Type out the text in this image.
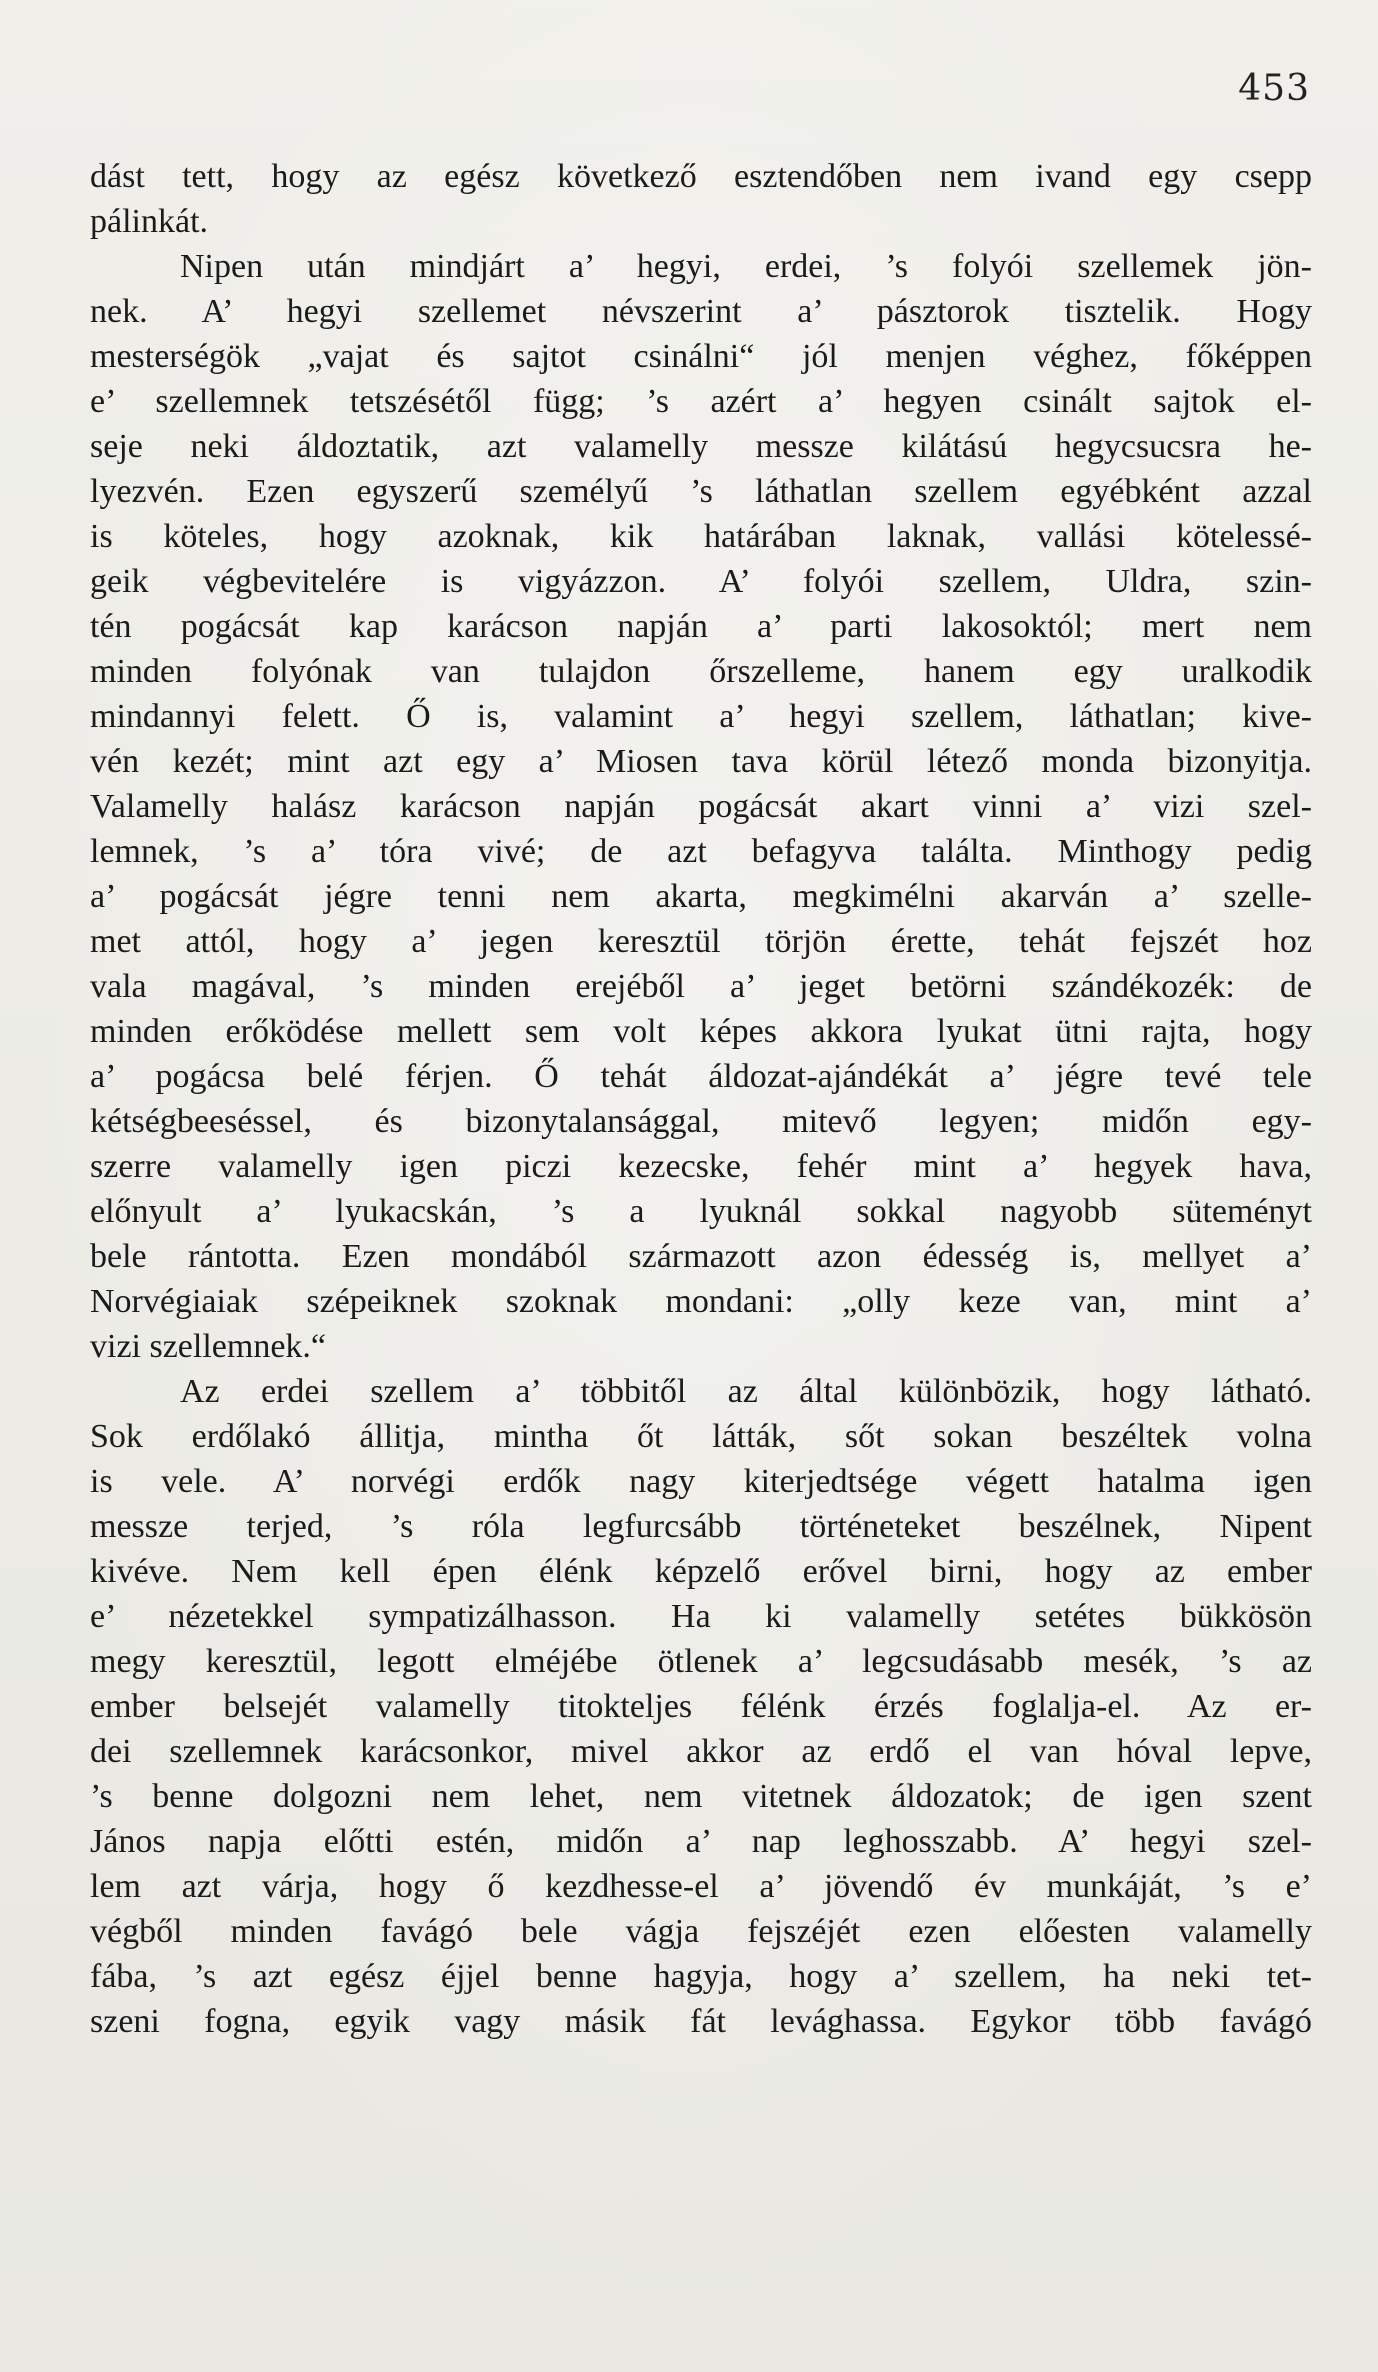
453
dást tett, hogy az egész következő esztendőben nem ivand egy csepp
pálinkát.
Nipen után mindjárt a’ hegyi, erdei, ’s folyói szellemek jön-
nek. A’ hegyi szellemet névszerint a’ pásztorok tisztelik. Hogy
mesterségök „vajat és sajtot csinálni“ jól menjen véghez, főképpen
e’ szellemnek tetszésétől függ; ’s azért a’ hegyen csinált sajtok el-
seje neki áldoztatik, azt valamelly messze kilátású hegycsucsra he-
lyezvén. Ezen egyszerű személyű ’s láthatlan szellem egyébként azzal
is köteles, hogy azoknak, kik határában laknak, vallási kötelessé-
geik végbevitelére is vigyázzon. A’ folyói szellem, Uldra, szin-
tén pogácsát kap karácson napján a’ parti lakosoktól; mert nem
minden folyónak van tulajdon őrszelleme, hanem egy uralkodik
mindannyi felett. Ő is, valamint a’ hegyi szellem, láthatlan; kive-
vén kezét; mint azt egy a’ Miosen tava körül létező monda bizonyitja.
Valamelly halász karácson napján pogácsát akart vinni a’ vizi szel-
lemnek, ’s a’ tóra vivé; de azt befagyva találta. Minthogy pedig
a’ pogácsát jégre tenni nem akarta, megkimélni akarván a’ szelle-
met attól, hogy a’ jegen keresztül törjön érette, tehát fejszét hoz
vala magával, ’s minden erejéből a’ jeget betörni szándékozék: de
minden erőködése mellett sem volt képes akkora lyukat ütni rajta, hogy
a’ pogácsa belé férjen. Ő tehát áldozat-ajándékát a’ jégre tevé tele
kétségbeeséssel, és bizonytalansággal, mitevő legyen; midőn egy-
szerre valamelly igen piczi kezecske, fehér mint a’ hegyek hava,
előnyult a’ lyukacskán, ’s a lyuknál sokkal nagyobb süteményt
bele rántotta. Ezen mondából származott azon édesség is, mellyet a’
Norvégiaiak szépeiknek szoknak mondani: „olly keze van, mint a’
vizi szellemnek.“
Az erdei szellem a’ többitől az által különbözik, hogy látható.
Sok erdőlakó állitja, mintha őt látták, sőt sokan beszéltek volna
is vele. A’ norvégi erdők nagy kiterjedtsége végett hatalma igen
messze terjed, ’s róla legfurcsább történeteket beszélnek, Nipent
kivéve. Nem kell épen élénk képzelő erővel birni, hogy az ember
e’ nézetekkel sympatizálhasson. Ha ki valamelly setétes bükkösön
megy keresztül, legott elméjébe ötlenek a’ legcsudásabb mesék, ’s az
ember belsejét valamelly titokteljes félénk érzés foglalja-el. Az er-
dei szellemnek karácsonkor, mivel akkor az erdő el van hóval lepve,
’s benne dolgozni nem lehet, nem vitetnek áldozatok; de igen szent
János napja előtti estén, midőn a’ nap leghosszabb. A’ hegyi szel-
lem azt várja, hogy ő kezdhesse-el a’ jövendő év munkáját, ’s e’
végből minden favágó bele vágja fejszéjét ezen előesten valamelly
fába, ’s azt egész éjjel benne hagyja, hogy a’ szellem, ha neki tet-
szeni fogna, egyik vagy másik fát levághassa. Egykor több favágó
